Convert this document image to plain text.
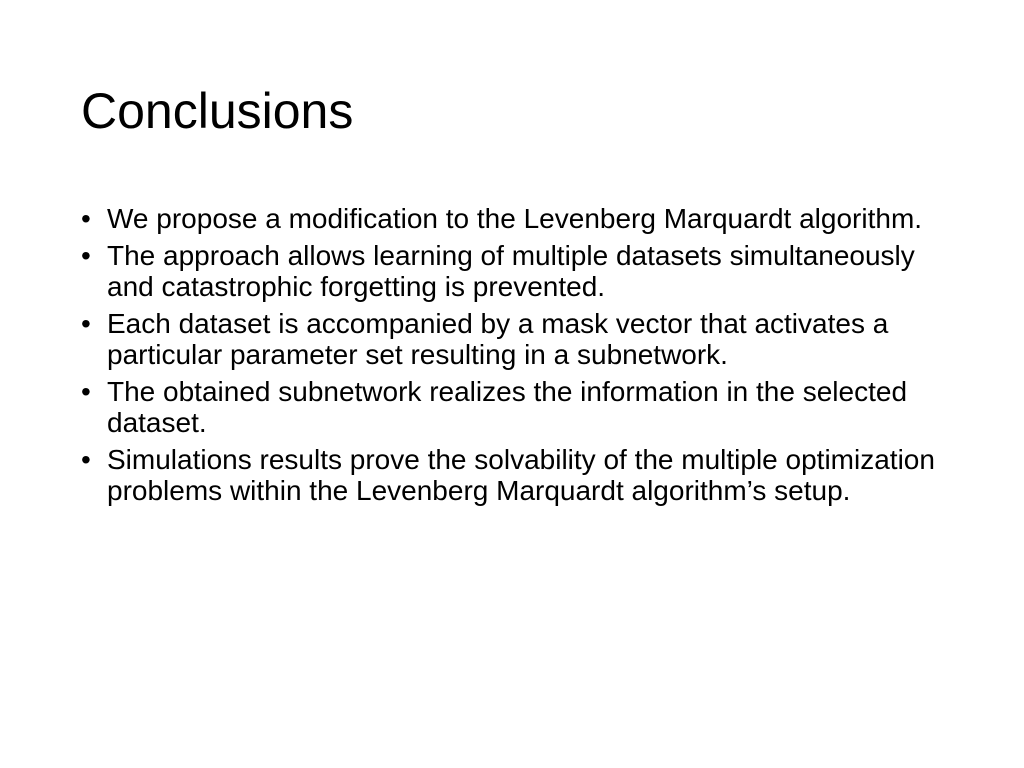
Conclusions
• We propose a modification to the Levenberg Marquardt algorithm.
• The approach allows learning of multiple datasets simultaneously and catastrophic forgetting is prevented.
• Each dataset is accompanied by a mask vector that activates a particular parameter set resulting in a subnetwork.
• The obtained subnetwork realizes the information in the selected dataset.
• Simulations results prove the solvability of the multiple optimization problems within the Levenberg Marquardt algorithm’s setup.
